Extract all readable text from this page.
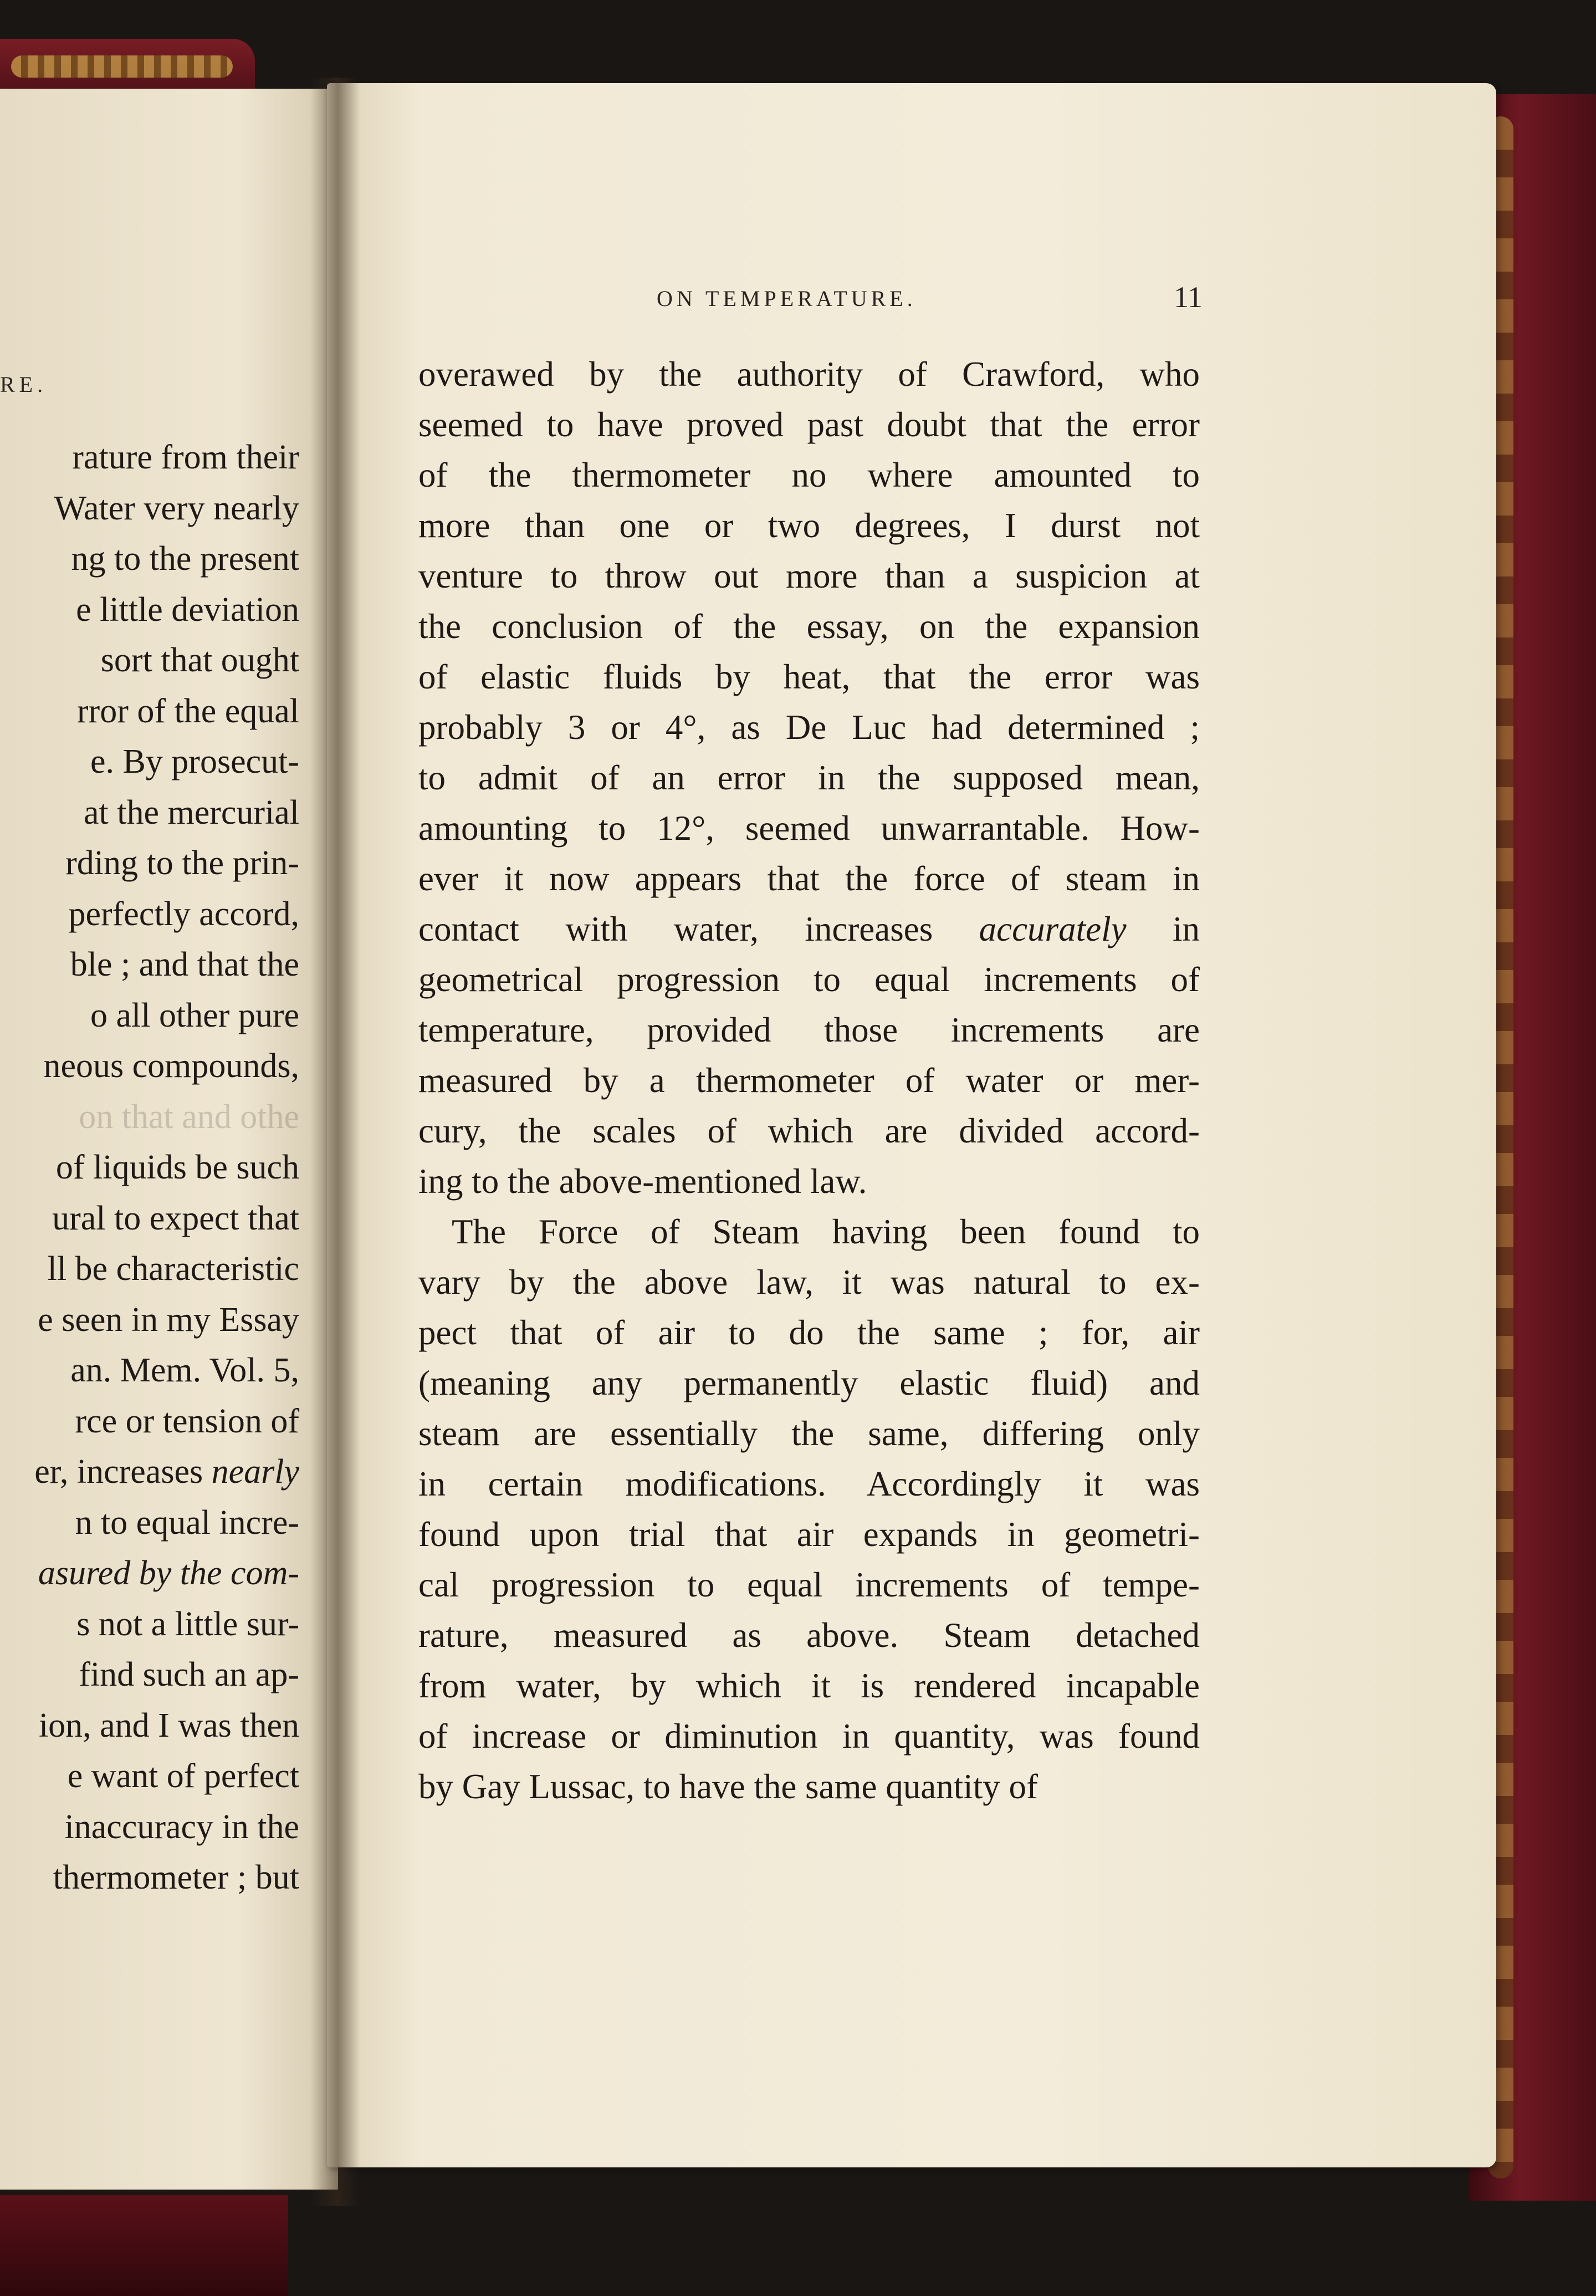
RE.
rature from their
Water very nearly
ng to the present
e little deviation
sort that ought
rror of the equal
e. By prosecut-
at the mercurial
rding to the prin-
perfectly accord,
ble ; and that the
o all other pure
neous compounds,
on that and othe
of liquids be such
ural to expect that
ll be characteristic
e seen in my Essay
an. Mem. Vol. 5,
rce or tension of
er, increases nearly
n to equal incre-
asured by the com-
s not a little sur-
find such an ap-
ion, and I was then
e want of perfect
inaccuracy in the
thermometer ; but
ON TEMPERATURE.	11
overawed by the authority of Crawford, who
seemed to have proved past doubt that the error
of the thermometer no where amounted to
more than one or two degrees, I durst not
venture to throw out more than a suspicion at
the conclusion of the essay, on the expansion
of elastic fluids by heat, that the error was
probably 3 or 4°, as De Luc had determined ;
to admit of an error in the supposed mean,
amounting to 12°, seemed unwarrantable. How-
ever it now appears that the force of steam in
contact with water, increases accurately in
geometrical progression to equal increments of
temperature, provided those increments are
measured by a thermometer of water or mer-
cury, the scales of which are divided accord-
ing to the above-mentioned law.
The Force of Steam having been found to
vary by the above law, it was natural to ex-
pect that of air to do the same ; for, air
(meaning any permanently elastic fluid) and
steam are essentially the same, differing only
in certain modifications. Accordingly it was
found upon trial that air expands in geometri-
cal progression to equal increments of tempe-
rature, measured as above. Steam detached
from water, by which it is rendered incapable
of increase or diminution in quantity, was found
by Gay Lussac, to have the same quantity of
